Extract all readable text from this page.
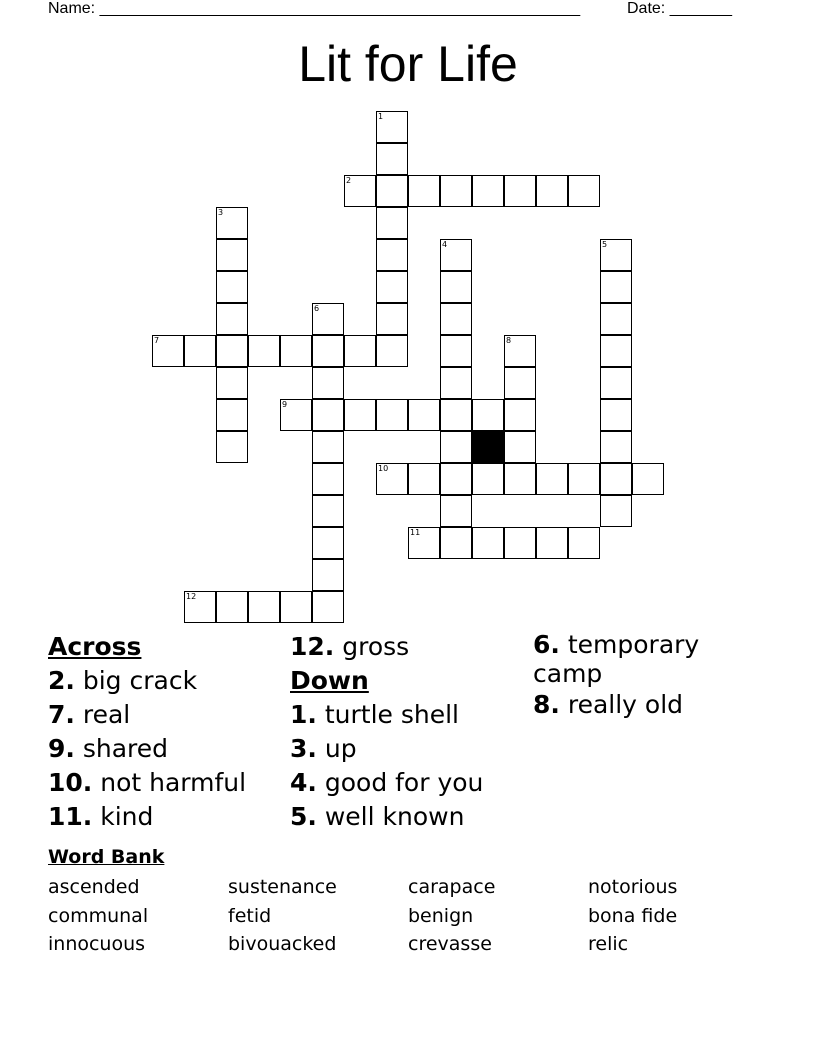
Name: ______________________________________________________	Date: _______
Lit for Life
1
2
3
4	5
6
7	8
9
10
11
12
Across
2. big crack
7. real
9. shared
10. not harmful
11. kind
12. gross
Down
1. turtle shell
3. up
4. good for you
5. well known
6. temporary camp
8. really old
Word Bank
ascended	sustenance	carapace	notorious
communal	fetid	benign	bona fide
innocuous	bivouacked	crevasse	relic
